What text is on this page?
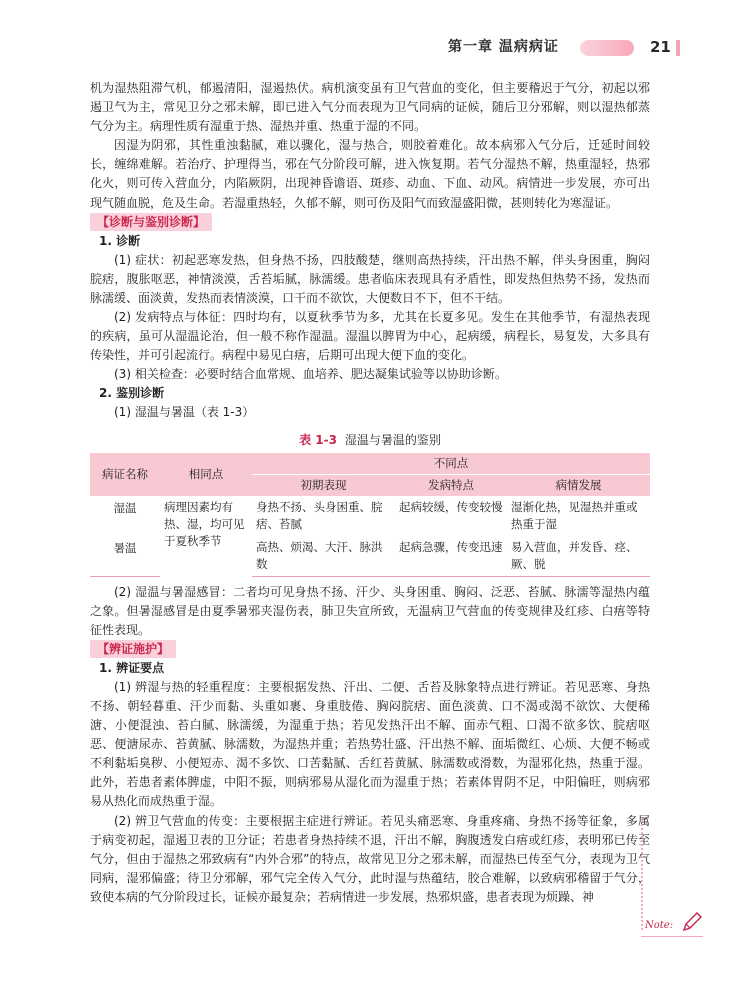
第一章 温病病证	21

机为湿热阻滞气机，郁遏清阳，湿遏热伏。病机演变虽有卫气营血的变化，但主要稽迟于气分，初起以邪遏卫气为主，常见卫分之邪未解，即已进入气分而表现为卫气同病的证候，随后卫分邪解，则以湿热郁蒸气分为主。病理性质有湿重于热、湿热并重、热重于湿的不同。

因湿为阴邪，其性重浊黏腻，难以骤化，湿与热合，则胶着难化。故本病邪入气分后，迁延时间较长，缠绵难解。若治疗、护理得当，邪在气分阶段可解，进入恢复期。若气分湿热不解，热重湿轻，热邪化火，则可传入营血分，内陷厥阴，出现神昏谵语、斑疹、动血、下血、动风。病情进一步发展，亦可出现气随血脱，危及生命。若湿重热轻，久郁不解，则可伤及阳气而致湿盛阳微，甚则转化为寒湿证。

【诊断与鉴别诊断】
1. 诊断

(1) 症状：初起恶寒发热，但身热不扬，四肢酸楚，继则高热持续，汗出热不解，伴头身困重，胸闷脘痞，腹胀呕恶，神情淡漠，舌苔垢腻，脉濡缓。患者临床表现具有矛盾性，即发热但热势不扬，发热而脉濡缓、面淡黄，发热而表情淡漠，口干而不欲饮，大便数日不下，但不干结。

(2) 发病特点与体征：四时均有，以夏秋季节为多，尤其在长夏多见。发生在其他季节，有湿热表现的疾病，虽可从湿温论治，但一般不称作湿温。湿温以脾胃为中心，起病缓，病程长，易复发，大多具有传染性，并可引起流行。病程中易见白痦，后期可出现大便下血的变化。

(3) 相关检查：必要时结合血常规、血培养、肥达凝集试验等以协助诊断。

2. 鉴别诊断

(1) 湿温与暑温（表 1-3）

表 1-3 湿温与暑温的鉴别
病证名称	相同点	不同点		
		初期表现	发病特点	病情发展
湿温	病理因素均有热、湿，均可见于夏秋季节	身热不扬、头身困重、脘痞、苔腻	起病较缓，传变较慢	湿渐化热，见湿热并重或热重于湿
暑温		高热、烦渴、大汗、脉洪数	起病急骤，传变迅速	易入营血，并发昏、痉、厥、脱

(2) 湿温与暑湿感冒：二者均可见身热不扬、汗少、头身困重、胸闷、泛恶、苔腻、脉濡等湿热内蕴之象。但暑湿感冒是由夏季暑邪夹湿伤表，肺卫失宣所致，无温病卫气营血的传变规律及红疹、白痦等特征性表现。

【辨证施护】
1. 辨证要点

(1) 辨湿与热的轻重程度：主要根据发热、汗出、二便、舌苔及脉象特点进行辨证。若见恶寒、身热不扬、朝轻暮重、汗少而黏、头重如裹、身重肢倦、胸闷脘痞、面色淡黄、口不渴或渴不欲饮、大便稀溏、小便混浊、苔白腻、脉濡缓，为湿重于热；若见发热汗出不解、面赤气粗、口渴不欲多饮、脘痞呕恶、便溏尿赤、苔黄腻、脉濡数，为湿热并重；若热势壮盛、汗出热不解、面垢微红、心烦、大便不畅或不利黏垢臭秽、小便短赤、渴不多饮、口苦黏腻、舌红苔黄腻、脉濡数或滑数，为湿邪化热，热重于湿。此外，若患者素体脾虚，中阳不振，则病邪易从湿化而为湿重于热；若素体胃阴不足，中阳偏旺，则病邪易从热化而成热重于湿。

(2) 辨卫气营血的传变：主要根据主症进行辨证。若见头痛恶寒、身重疼痛、身热不扬等征象，多属于病变初起，湿遏卫表的卫分证；若患者身热持续不退，汗出不解，胸腹透发白痦或红疹，表明邪已传至气分，但由于湿热之邪致病有“内外合邪”的特点，故常见卫分之邪未解，而湿热已传至气分，表现为卫气同病，湿邪偏盛；待卫分邪解，邪气完全传入气分，此时湿与热蕴结，胶合难解，以致病邪稽留于气分，致使本病的气分阶段过长，证候亦最复杂；若病情进一步发展，热邪炽盛，患者表现为烦躁、神

Note:
